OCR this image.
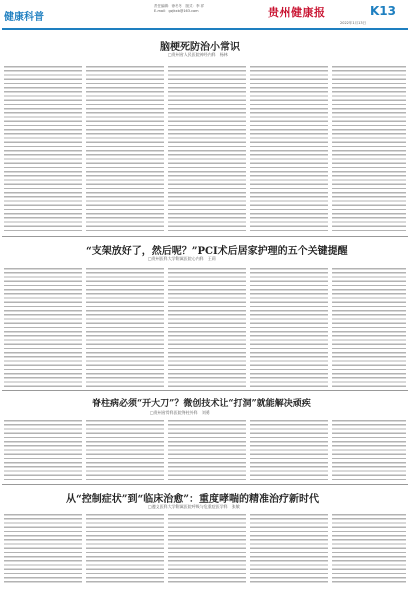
健康科普
责任编辑：徐冬冬　版式：李 祥
E-mail：gzjkxb@163.com	贵州健康报	K13
2022年1月13日
脑梗死防治小常识
□贵州省人民医院神经内科　杨林
“支架放好了，然后呢？”PCI术后居家护理的五个关键提醒
□贵州医科大学附属医院心内科　王莉
脊柱病必须“开大刀”？微创技术让“打洞”就能解决顽疾
□贵州省骨科医院脊柱外科　刘勇
从“控制症状”到“临床治愈”：重度哮喘的精准治疗新时代
□遵义医科大学附属医院呼吸与危重症医学科　张敏
